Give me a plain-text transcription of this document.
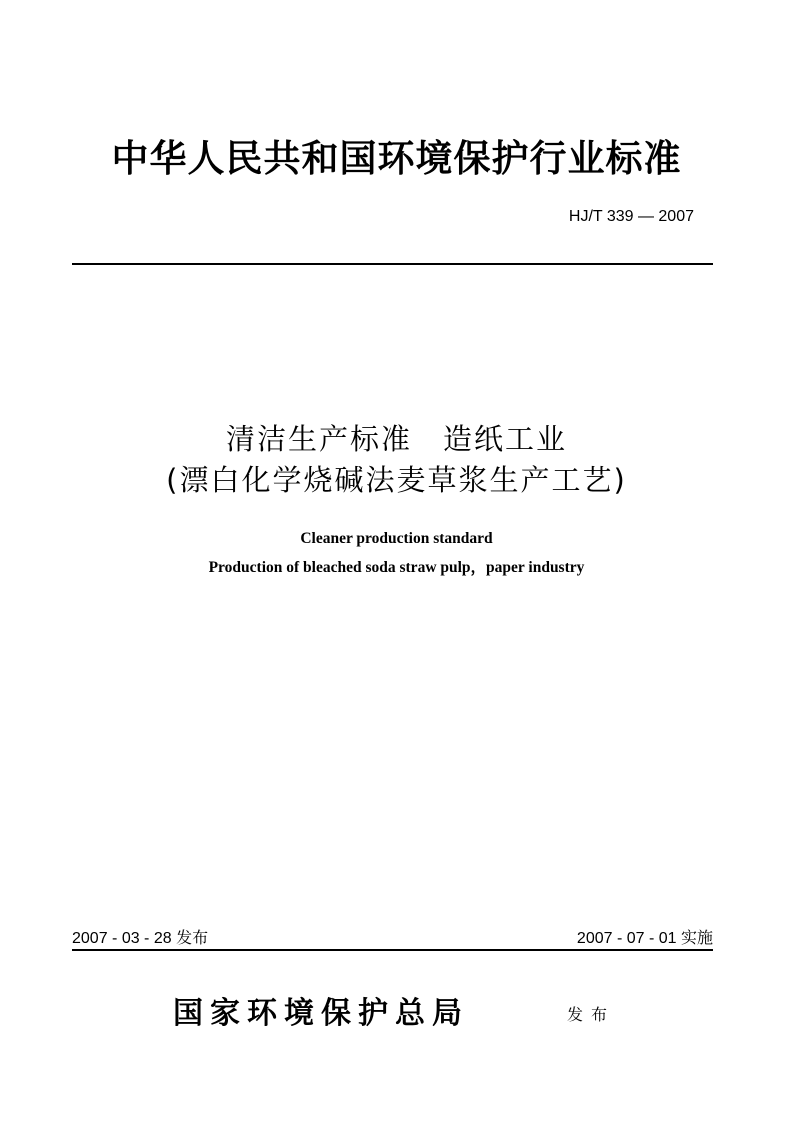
中华人民共和国环境保护行业标准
HJ/T 339 — 2007
清洁生产标准　造纸工业
(漂白化学烧碱法麦草浆生产工艺)
Cleaner production standard
Production of bleached soda straw pulp，paper industry
2007 - 03 - 28 发布	2007 - 07 - 01 实施
国家环境保护总局	发布
